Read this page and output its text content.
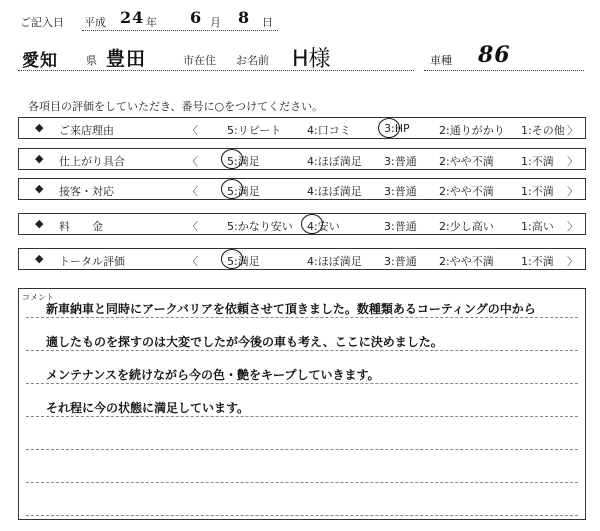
ご記入日 平成 24 年 6 月 8 日
愛知	県 豊田	市在住 お名前 H様	車種 86
各項目の評価をしていただき、番号に○をつけてください。
◆ ご来店理由	〈	5:リピート 4:口コミ	3:HP	2:通りがかり 1:その他 〉
◆ 仕上がり具合	〈	5:満足	4:ほぼ満足 3:普通 2:やや不満 1:不満 〉
◆ 接客・対応	〈	5:満足	4:ほぼ満足 3:普通 2:やや不満 1:不満 〉
◆ 料　　金	〈	5:かなり安い 4:安い	3:普通 2:少し高い 1:高い 〉
◆ トータル評価	〈	5:満足	4:ほぼ満足 3:普通 2:やや不満 1:不満 〉
コメント
新車納車と同時にアークバリアを依頼させて頂きました。数種類あるコーティングの中から
適したものを探すのは大変でしたが今後の車も考え、ここに決めました。
メンテナンスを続けながら今の色・艶をキープしていきます。
それ程に今の状態に満足しています。
